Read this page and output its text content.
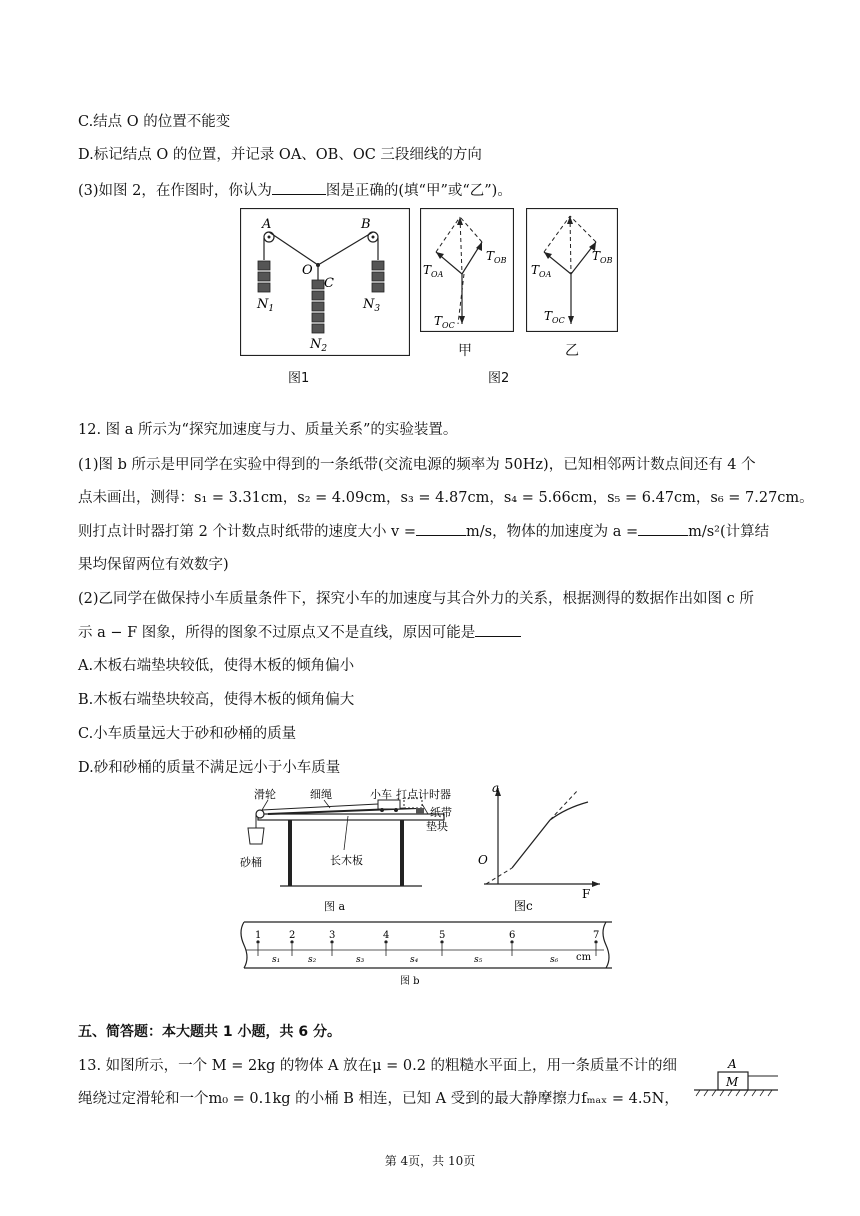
C.结点 O 的位置不能变
D.标记结点 O 的位置，并记录 OA、OB、OC 三段细线的方向
(3)如图 2，在作图时，你认为	图是正确的(填“甲”或“乙”)。
A	B
O
C
$N_1$
$N_2$
$N_3$
$T_{OA}$
$T_{OB}$
$T_{OC}$
甲
$T_{OA}$
$T_{OB}$
$T_{OC}$
乙
图1	图2
12. 图 a 所示为“探究加速度与力、质量关系”的实验装置。
(1)图 b 所示是甲同学在实验中得到的一条纸带(交流电源的频率为 50Hz)，已知相邻两计数点间还有 4 个
点未画出，测得：s₁ = 3.31cm，s₂ = 4.09cm，s₃ = 4.87cm，s₄ = 5.66cm，s₅ = 6.47cm，s₆ = 7.27cm。
则打点计时器打第 2 个计数点时纸带的速度大小 v =	m/s，物体的加速度为 a =	m/s²(计算结
果均保留两位有效数字)
(2)乙同学在做保持小车质量条件下，探究小车的加速度与其合外力的关系，根据测得的数据作出如图 c 所
示 a − F 图象，所得的图象不过原点又不是直线，原因可能是
A.木板右端垫块较低，使得木板的倾角偏小
B.木板右端垫块较高，使得木板的倾角偏大
C.小车质量远大于砂和砂桶的质量
D.砂和砂桶的质量不满足远小于小车质量
滑轮	细绳	小车 打点计时器
纸带
垫块
砂桶	长木板
图 a
a
O
F
图c
1	2	3	4	5	6	7
s₁	s₂	s₃	s₄	s₅	s₆ cm
图 b
五、简答题：本大题共 1 小题，共 6 分。
13. 如图所示，一个 M = 2kg 的物体 A 放在μ = 0.2 的粗糙水平面上，用一条质量不计的细
绳绕过定滑轮和一个m₀ = 0.1kg 的小桶 B 相连，已知 A 受到的最大静摩擦力fₘₐₓ = 4.5N，
A
M
第 4页，共 10页
